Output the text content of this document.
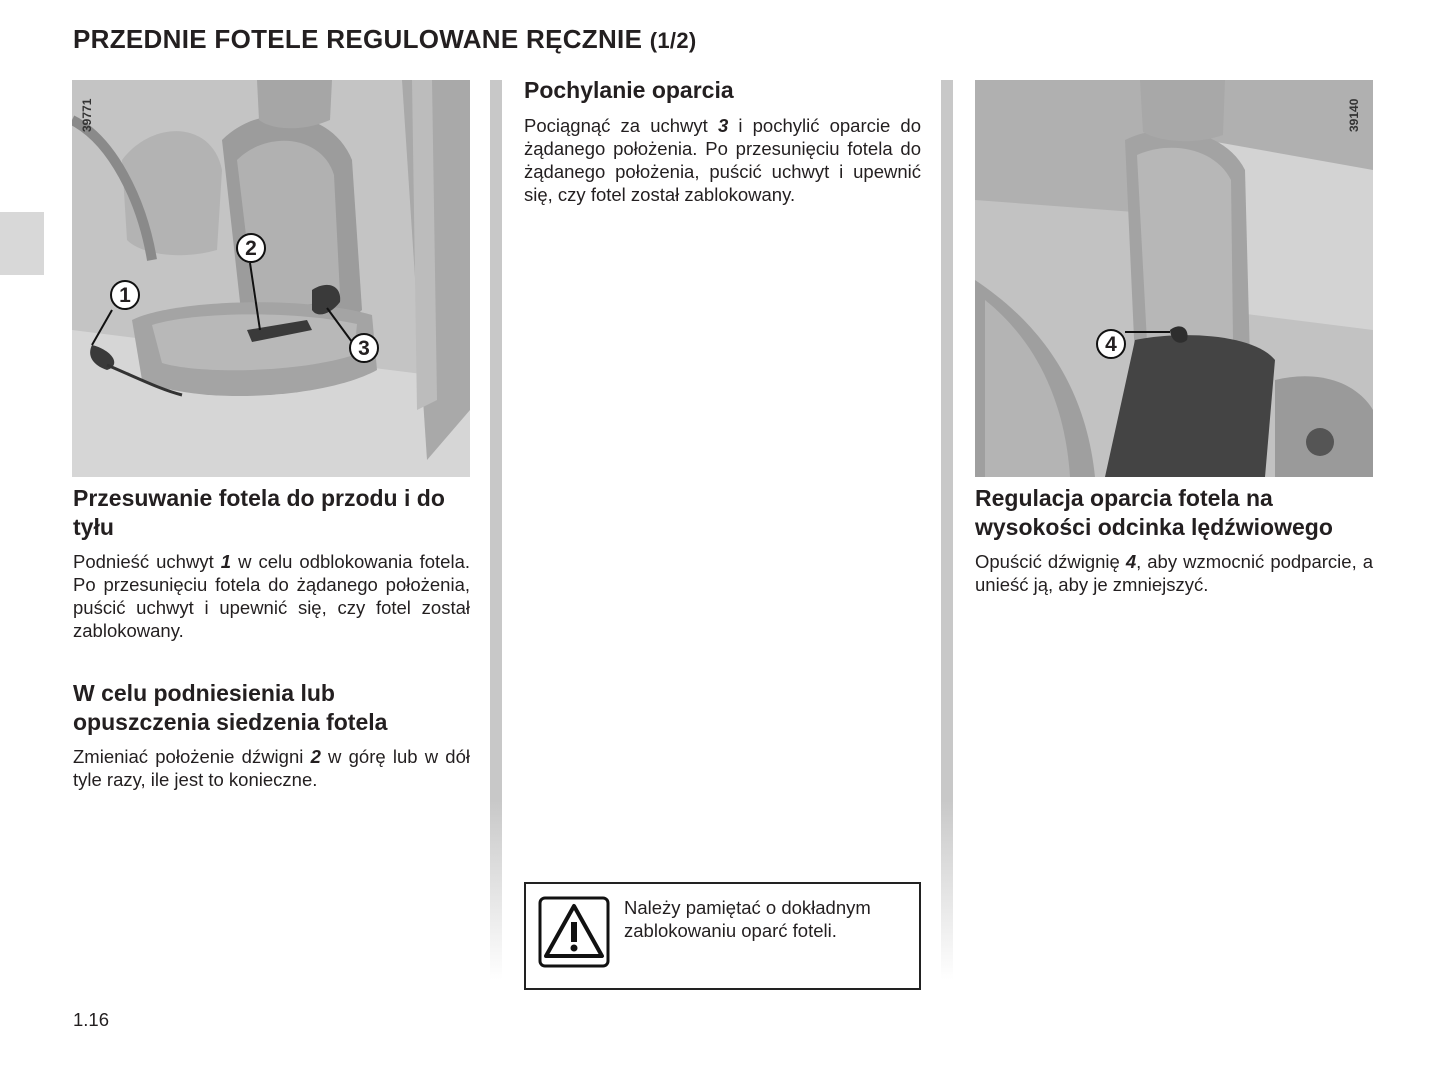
PRZEDNIE FOTELE REGULOWANE RĘCZNIE (1/2)
39771
1
2
3
39140
4
Przesuwanie fotela do przodu i do tyłu

Podnieść uchwyt 1 w celu odblokowania fotela. Po przesunięciu fotela do żądanego położenia, puścić uchwyt i upewnić się, czy fotel został zablokowany.

W celu podniesienia lub opuszczenia siedzenia fotela

Zmieniać położenie dźwigni 2 w górę lub w dół tyle razy, ile jest to konieczne.

Pochylanie oparcia

Pociągnąć za uchwyt 3 i pochylić oparcie do żądanego położenia. Po przesunięciu fotela do żądanego położenia, puścić uchwyt i upewnić się, czy fotel został zablokowany.

Należy pamiętać o dokładnym zablokowaniu oparć foteli.

Regulacja oparcia fotela na wysokości odcinka lędźwiowego

Opuścić dźwignię 4, aby wzmocnić podparcie, a unieść ją, aby je zmniejszyć.

1.16
